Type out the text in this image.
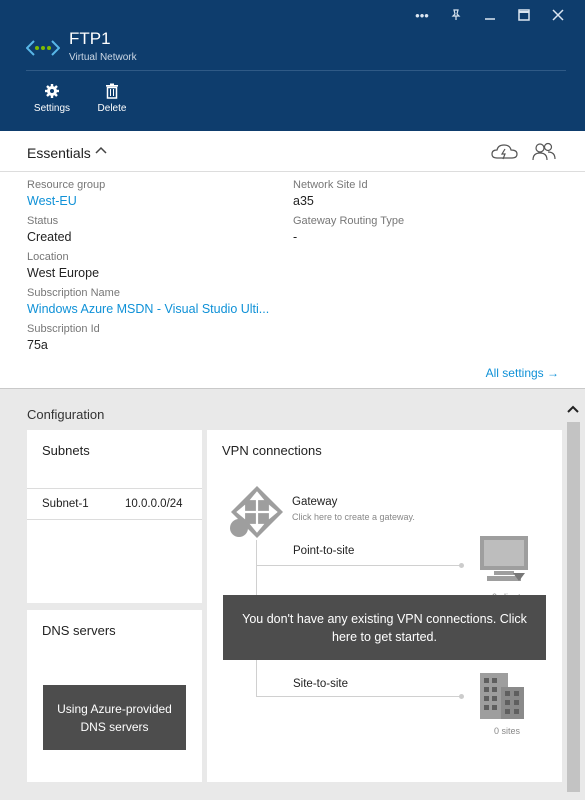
•••
FTP1
Virtual Network
Settings	Delete
Essentials
Resource group
West-EU
Status
Created
Location
West Europe
Subscription Name
Windows Azure MSDN - Visual Studio Ulti...
Subscription Id
75a
Network Site Id
a35
Gateway Routing Type
-
All settings →
Configuration
Subnets
Subnet-1	10.0.0.0/24
DNS servers
Using Azure-provided DNS servers
VPN connections
Gateway
Click here to create a gateway.
Point-to-site
Site-to-site
0 sites
You don't have any existing VPN connections. Click here to get started.
